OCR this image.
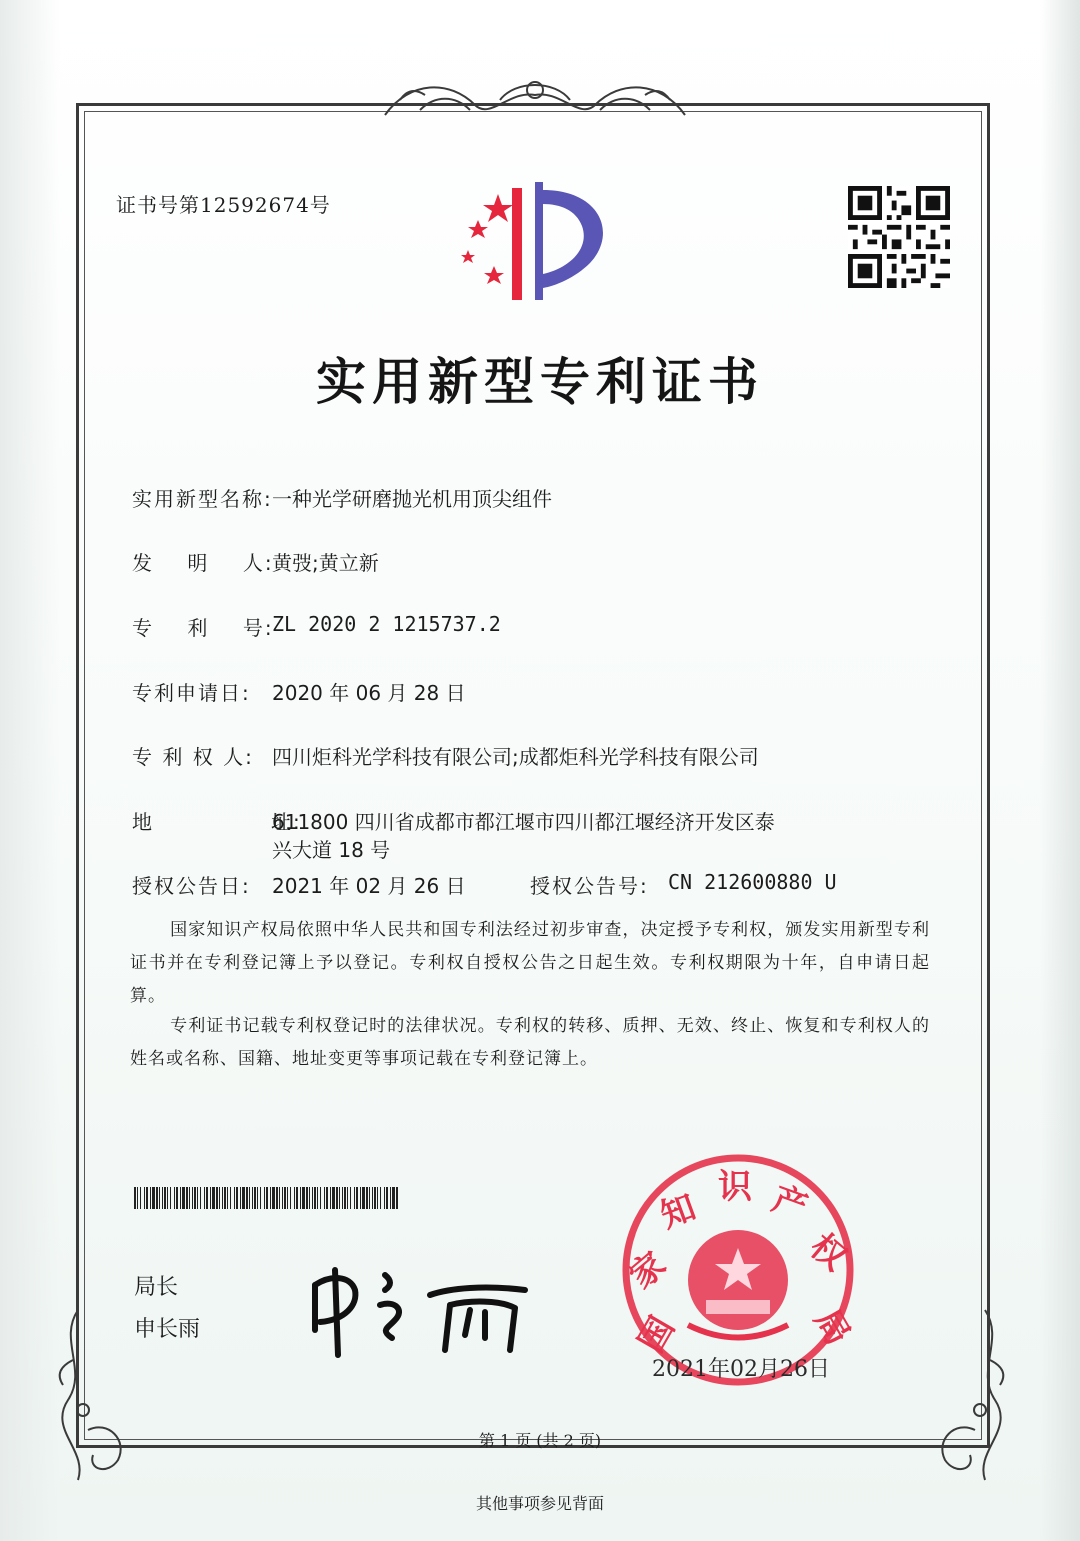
证书号第12592674号
实用新型专利证书
实用新型名称: 一种光学研磨抛光机用顶尖组件
发    明    人:
黄弢;黄立新
专    利    号:
ZL 2020 2 1215737.2
专利申请日: 2020 年 06 月 28 日
专 利 权 人: 四川炬科光学科技有限公司;成都炬科光学科技有限公司
地              址:
611800 四川省成都市都江堰市四川都江堰经济开发区泰
兴大道 18 号
授权公告日: 2021 年 02 月 26 日	授权公告号: CN 212600880 U
国家知识产权局依照中华人民共和国专利法经过初步审查，决定授予专利权，颁发实用新型专利证书并在专利登记簿上予以登记。专利权自授权公告之日起生效。专利权期限为十年，自申请日起算。
专利证书记载专利权登记时的法律状况。专利权的转移、质押、无效、终止、恢复和专利权人的姓名或名称、国籍、地址变更等事项记载在专利登记簿上。
局长
申长雨	国
家
知
识 产
权
局
2021年02月26日
第 1 页 (共 2 页)
其他事项参见背面
